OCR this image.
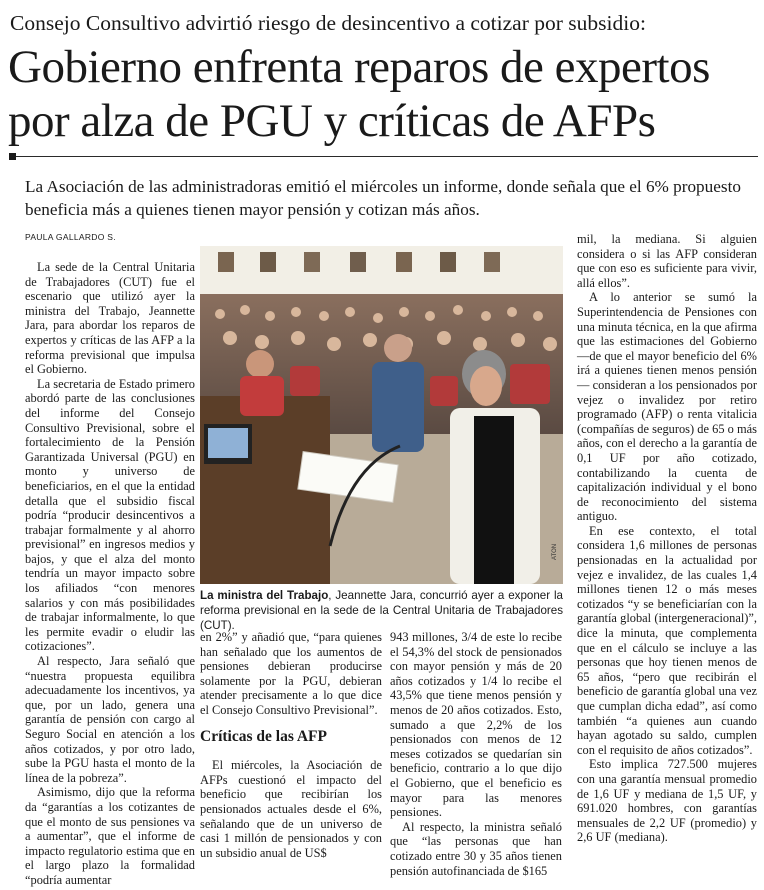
Consejo Consultivo advirtió riesgo de desincentivo a cotizar por subsidio:
Gobierno enfrenta reparos de expertos por alza de PGU y críticas de AFPs
La Asociación de las administradoras emitió el miércoles un informe, donde señala que el 6% propuesto beneficia más a quienes tienen mayor pensión y cotizan más años.
PAULA GALLARDO S.

La sede de la Central Unitaria de Trabajadores (CUT) fue el escenario que utilizó ayer la ministra del Trabajo, Jeannette Jara, para abordar los reparos de expertos y críticas de las AFP a la reforma previsional que impulsa el Gobierno.

La secretaria de Estado primero abordó parte de las conclusiones del informe del Consejo Consultivo Previsional, sobre el fortalecimiento de la Pensión Garantizada Universal (PGU) en monto y universo de beneficiarios, en el que la entidad detalla que el subsidio fiscal podría “producir desincentivos a trabajar formalmente y al ahorro previsional” en ingresos medios y bajos, y que el alza del monto tendría un mayor impacto sobre los afiliados “con menores salarios y con más posibilidades de trabajar informalmente, lo que les permite evadir o eludir las cotizaciones”.

Al respecto, Jara señaló que “nuestra propuesta equilibra adecuadamente los incentivos, ya que, por un lado, genera una garantía de pensión con cargo al Seguro Social en atención a los años cotizados, y por otro lado, sube la PGU hasta el monto de la línea de la pobreza”.

Asimismo, dijo que la reforma da “garantías a los cotizantes de que el monto de sus pensiones va a aumentar”, que el informe de impacto regulatorio estima que en el largo plazo la formalidad “podría aumentar

ATON
La ministra del Trabajo, Jeannette Jara, concurrió ayer a exponer la reforma previsional en la sede de la Central Unitaria de Trabajadores (CUT).

en 2%” y añadió que, “para quienes han señalado que los aumentos de pensiones debieran producirse solamente por la PGU, debieran atender precisamente a lo que dice el Consejo Consultivo Previsional”.

Críticas de las AFP

El miércoles, la Asociación de AFPs cuestionó el impacto del beneficio que recibirían los pensionados actuales desde el 6%, señalando que de un universo de casi 1 millón de pensionados y con un subsidio anual de US$

943 millones, 3/4 de este lo recibe el 54,3% del stock de pensionados con mayor pensión y más de 20 años cotizados y 1/4 lo recibe el 43,5% que tiene menos pensión y menos de 20 años cotizados. Esto, sumado a que 2,2% de los pensionados con menos de 12 meses cotizados se quedarían sin beneficio, contrario a lo que dijo el Gobierno, que el beneficio es mayor para las menores pensiones.

Al respecto, la ministra señaló que “las personas que han cotizado entre 30 y 35 años tienen pensión autofinanciada de $165

mil, la mediana. Si alguien considera o si las AFP consideran que con eso es suficiente para vivir, allá ellos”.

A lo anterior se sumó la Superintendencia de Pensiones con una minuta técnica, en la que afirma que las estimaciones del Gobierno —de que el mayor beneficio del 6% irá a quienes tienen menos pensión— consideran a los pensionados por vejez o invalidez por retiro programado (AFP) o renta vitalicia (compañías de seguros) de 65 o más años, con el derecho a la garantía de 0,1 UF por año cotizado, contabilizando la cuenta de capitalización individual y el bono de reconocimiento del sistema antiguo.

En ese contexto, el total considera 1,6 millones de personas pensionadas en la actualidad por vejez e invalidez, de las cuales 1,4 millones tienen 12 o más meses cotizados “y se beneficiarían con la garantía global (intergeneracional)”, dice la minuta, que complementa que en el cálculo se incluye a las personas que hoy tienen menos de 65 años, “pero que recibirán el beneficio de garantía global una vez que cumplan dicha edad”, así como también “a quienes aun cuando hayan agotado su saldo, cumplen con el requisito de años cotizados”.

Esto implica 727.500 mujeres con una garantía mensual promedio de 1,6 UF y mediana de 1,5 UF, y 691.020 hombres, con garantías mensuales de 2,2 UF (promedio) y 2,6 UF (mediana).
